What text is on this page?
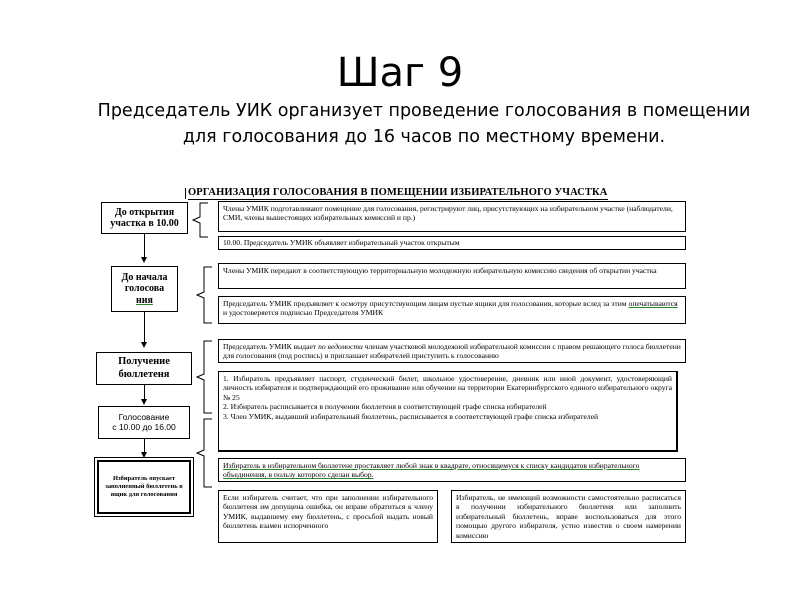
Шаг 9
Председатель УИК организует проведение голосования в помещении для голосования до 16 часов по местному времени.
ОРГАНИЗАЦИЯ ГОЛОСОВАНИЯ В ПОМЕЩЕНИИ ИЗБИРАТЕЛЬНОГО УЧАСТКА
До открытия участка в 10.00
До начала голосова
ния
Получение бюллетеня
Голосование
с 10.00 до 16.00
Избиратель опускает заполненный бюллетень в ящик для голосования

Члены УМИК подготавливают помещение для голосования, регистрируют лиц, присутствующих на избирательном участке (наблюдатели, СМИ, члены вышестоящих избирательных комиссий и пр.)

10.00. Председатель УМИК объявляет избирательный участок открытым

Члены УМИК передают в соответствующую территориальную молодежную избирательную комиссию сведения об открытии участка

Председатель УМИК предъявляет к осмотру присутствующим лицам пустые ящики для голосования, которые вслед за этим опечатываются и удостоверяется подписью Председателя УМИК

Председатель УМИК выдает по ведомости членам участковой молодежной избирательной комиссии с правом решающего голоса бюллетени для голосования (под роспись) и приглашает избирателей приступить к голосованию

1. Избиратель предъявляет паспорт, студенческий билет, школьное удостоверение, дневник или иной документ, удостоверяющий личность избирателя и подтверждающий его проживание или обучение на территории Екатеринбургского единого избирательного округа № 25

2. Избиратель расписывается в получении бюллетеня в соответствующей графе списка избирателей

3. Член УМИК, выдавший избирательный бюллетень, расписывается в соответствующей графе списка избирателей

Избиратель в избирательном бюллетене проставляет любой знак в квадрате, относящемуся к списку кандидатов избирательного объединения, в пользу которого сделан выбор.

Если избиратель считает, что при заполнении избирательного бюллетеня им допущена ошибка, он вправе обратиться к члену УМИК, выдавшему ему бюллетень, с просьбой выдать новый бюллетень взамен испорченного

Избиратель, не имеющий возможности самостоятельно расписаться в получении избирательного бюллетеня или заполнить избирательный бюллетень, вправе воспользоваться для этого помощью другого избирателя, устно известив о своем намерении комиссию
